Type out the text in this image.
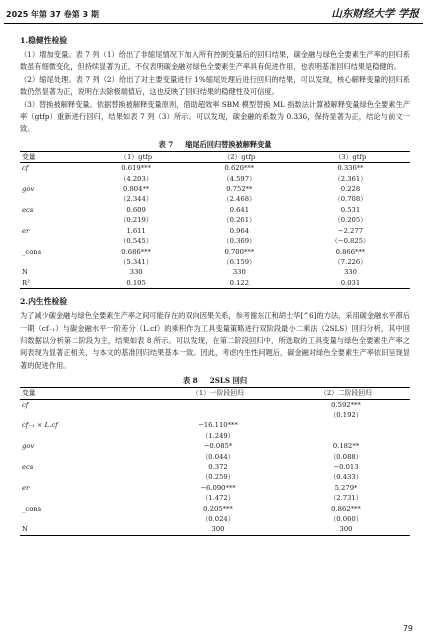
2025 年第 37 卷第 3 期	山东财经大学 学报
1.稳健性检验

（1）增加变量。表 7 列（1）给出了非缩尾情况下加入所有控制变量后的回归结果，碳金融与绿色全要素生产率的回归系数虽有细微变化，但持续显著为正，不仅表明碳金融对绿色全要素生产率具有促进作用，也表明基准回归结果是稳健的。

（2）缩尾处理。表 7 列（2）给出了对主要变量进行 1%缩尾处理后进行回归的结果，可以发现，核心解释变量的回归系数仍然显著为正，说明在去除极端值后，这也反映了回归结果的稳健性及可信度。

（3）替换被解释变量。依据替换被解释变量原则，借助超效率 SBM 模型替换 ML 指数法计算被解释变量绿色全要素生产率（gtfp）重新进行回归，结果如表 7 列（3）所示。可以发现，碳金融的系数为 0.336，保持显著为正，结论与前文一致。

表 7 缩尾后回归替换被解释变量
变量	（1）gtfp	（2）gtfp	（3）gtfp
cf	0.619***	0.620***	0.336**
	（4.203）	（4.597）	（2.361）
gov	0.804**	0.752**	0.228
	（2.344）	（2.468）	（0.708）
ecs	0.609	0.641	0.531
	（0.219）	（0.261）	（0.205）
er	1.611	0.964	−2.277
	（0.545）	（0.369）	（−0.825）
_cons	0.686***	0.700***	0.866***
	（5.341）	（6.159）	（7.226）
N	330	330	330
R²	0.105	0.122	0.031
2.内生性检验

为了减少碳金融与绿色全要素生产率之间可能存在的双向因果关系，参考谢东江和胡士华[^6]的方法，采用碳金融水平滞后一期（cf₋₁）与碳金融水平一阶差分（L.cf）的乘积作为工具变量策略进行双阶段最小二乘法（2SLS）回归分析，其中回归数据以分析第二阶段为主，结果如表 8 所示。可以发现，在第二阶段回归中，所选取的工具变量与绿色全要素生产率之间表现为显著正相关，与本文的基准回归结果基本一致。因此，考虑内生性问题后，碳金融对绿色全要素生产率依旧呈现显著的促进作用。

表 8 2SLS 回归
变量	（1）一阶段回归	（2）二阶段回归
cf		0.592***
		（0.192）
cf₋₁ × L.cf	−16.110***	
	（1.249）	
gov	−0.085*	0.182**
	（0.044）	（0.088）
ecs	0.372	−0.013
	（0.259）	（0.433）
er	−6.090***	5.279*
	（1.472）	（2.731）
_cons	0.205***	0.862***
	（0.024）	（0.060）
N	300	300
79
